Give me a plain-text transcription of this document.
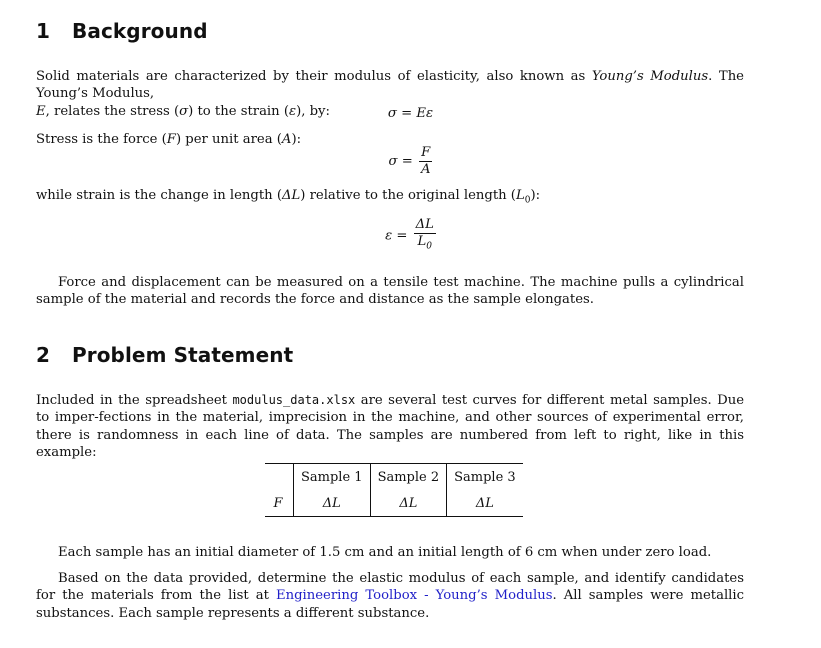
1 Background

Solid materials are characterized by their modulus of elasticity, also known as Young’s Modulus. The Young’s Modulus,
E, relates the stress (σ) to the strain (ε), by:	σ = Eε

Stress is the force (F) per unit area (A):

$\sigma = \frac{F}{A}$

while strain is the change in length (ΔL) relative to the original length $(L_0)$:

$\varepsilon = \frac{\Delta L}{L_0}$

Force and displacement can be measured on a tensile test machine. The machine pulls a cylindrical sample of the material and records the force and distance as the sample elongates.

2 Problem Statement

Included in the spreadsheet modulus_data.xlsx are several test curves for different metal samples. Due to imper-fections in the material, imprecision in the machine, and other sources of experimental error, there is randomness in each line of data. The samples are numbered from left to right, like in this example:

	Sample 1	Sample 2	Sample 3
F	ΔL	ΔL	ΔL

Each sample has an initial diameter of 1.5 cm and an initial length of 6 cm when under zero load.

Based on the data provided, determine the elastic modulus of each sample, and identify candidates for the materials from the list at Engineering Toolbox - Young’s Modulus. All samples were metallic substances. Each sample represents a different substance.
